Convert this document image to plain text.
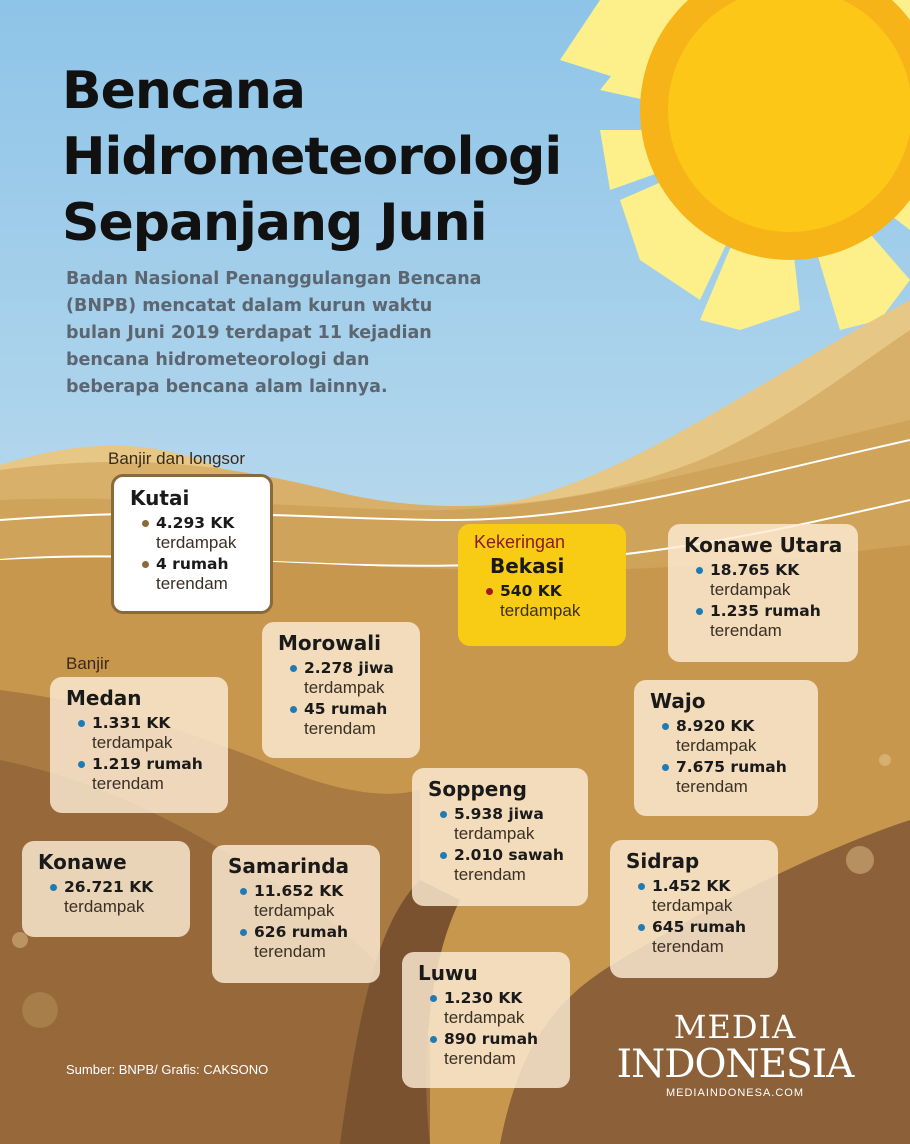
Bencana
Hidrometeorologi
Sepanjang Juni

Badan Nasional Penanggulangan Bencana
(BNPB) mencatat dalam kurun waktu
bulan Juni 2019 terdapat 11 kejadian
bencana hidrometeorologi dan
beberapa bencana alam lainnya.

Banjir dan longsor
Banjir
Kutai
4.293 KK
terdampak
4 rumah
terendam
Kekeringan
Bekasi
540 KK
terdampak
Konawe Utara
18.765 KK
terdampak
1.235 rumah
terendam
Morowali
2.278 jiwa
terdampak
45 rumah
terendam
Medan
1.331 KK
terdampak
1.219 rumah
terendam
Wajo
8.920 KK
terdampak
7.675 rumah
terendam
Soppeng
5.938 jiwa
terdampak
2.010 sawah
terendam
Konawe
26.721 KK
terdampak
Samarinda
11.652 KK
terdampak
626 rumah
terendam
Sidrap
1.452 KK
terdampak
645 rumah
terendam
Luwu
1.230 KK
terdampak
890 rumah
terendam
Sumber: BNPB/ Grafis: CAKSONO
MEDIA
INDONESIA
MEDIAINDONESA.COM
